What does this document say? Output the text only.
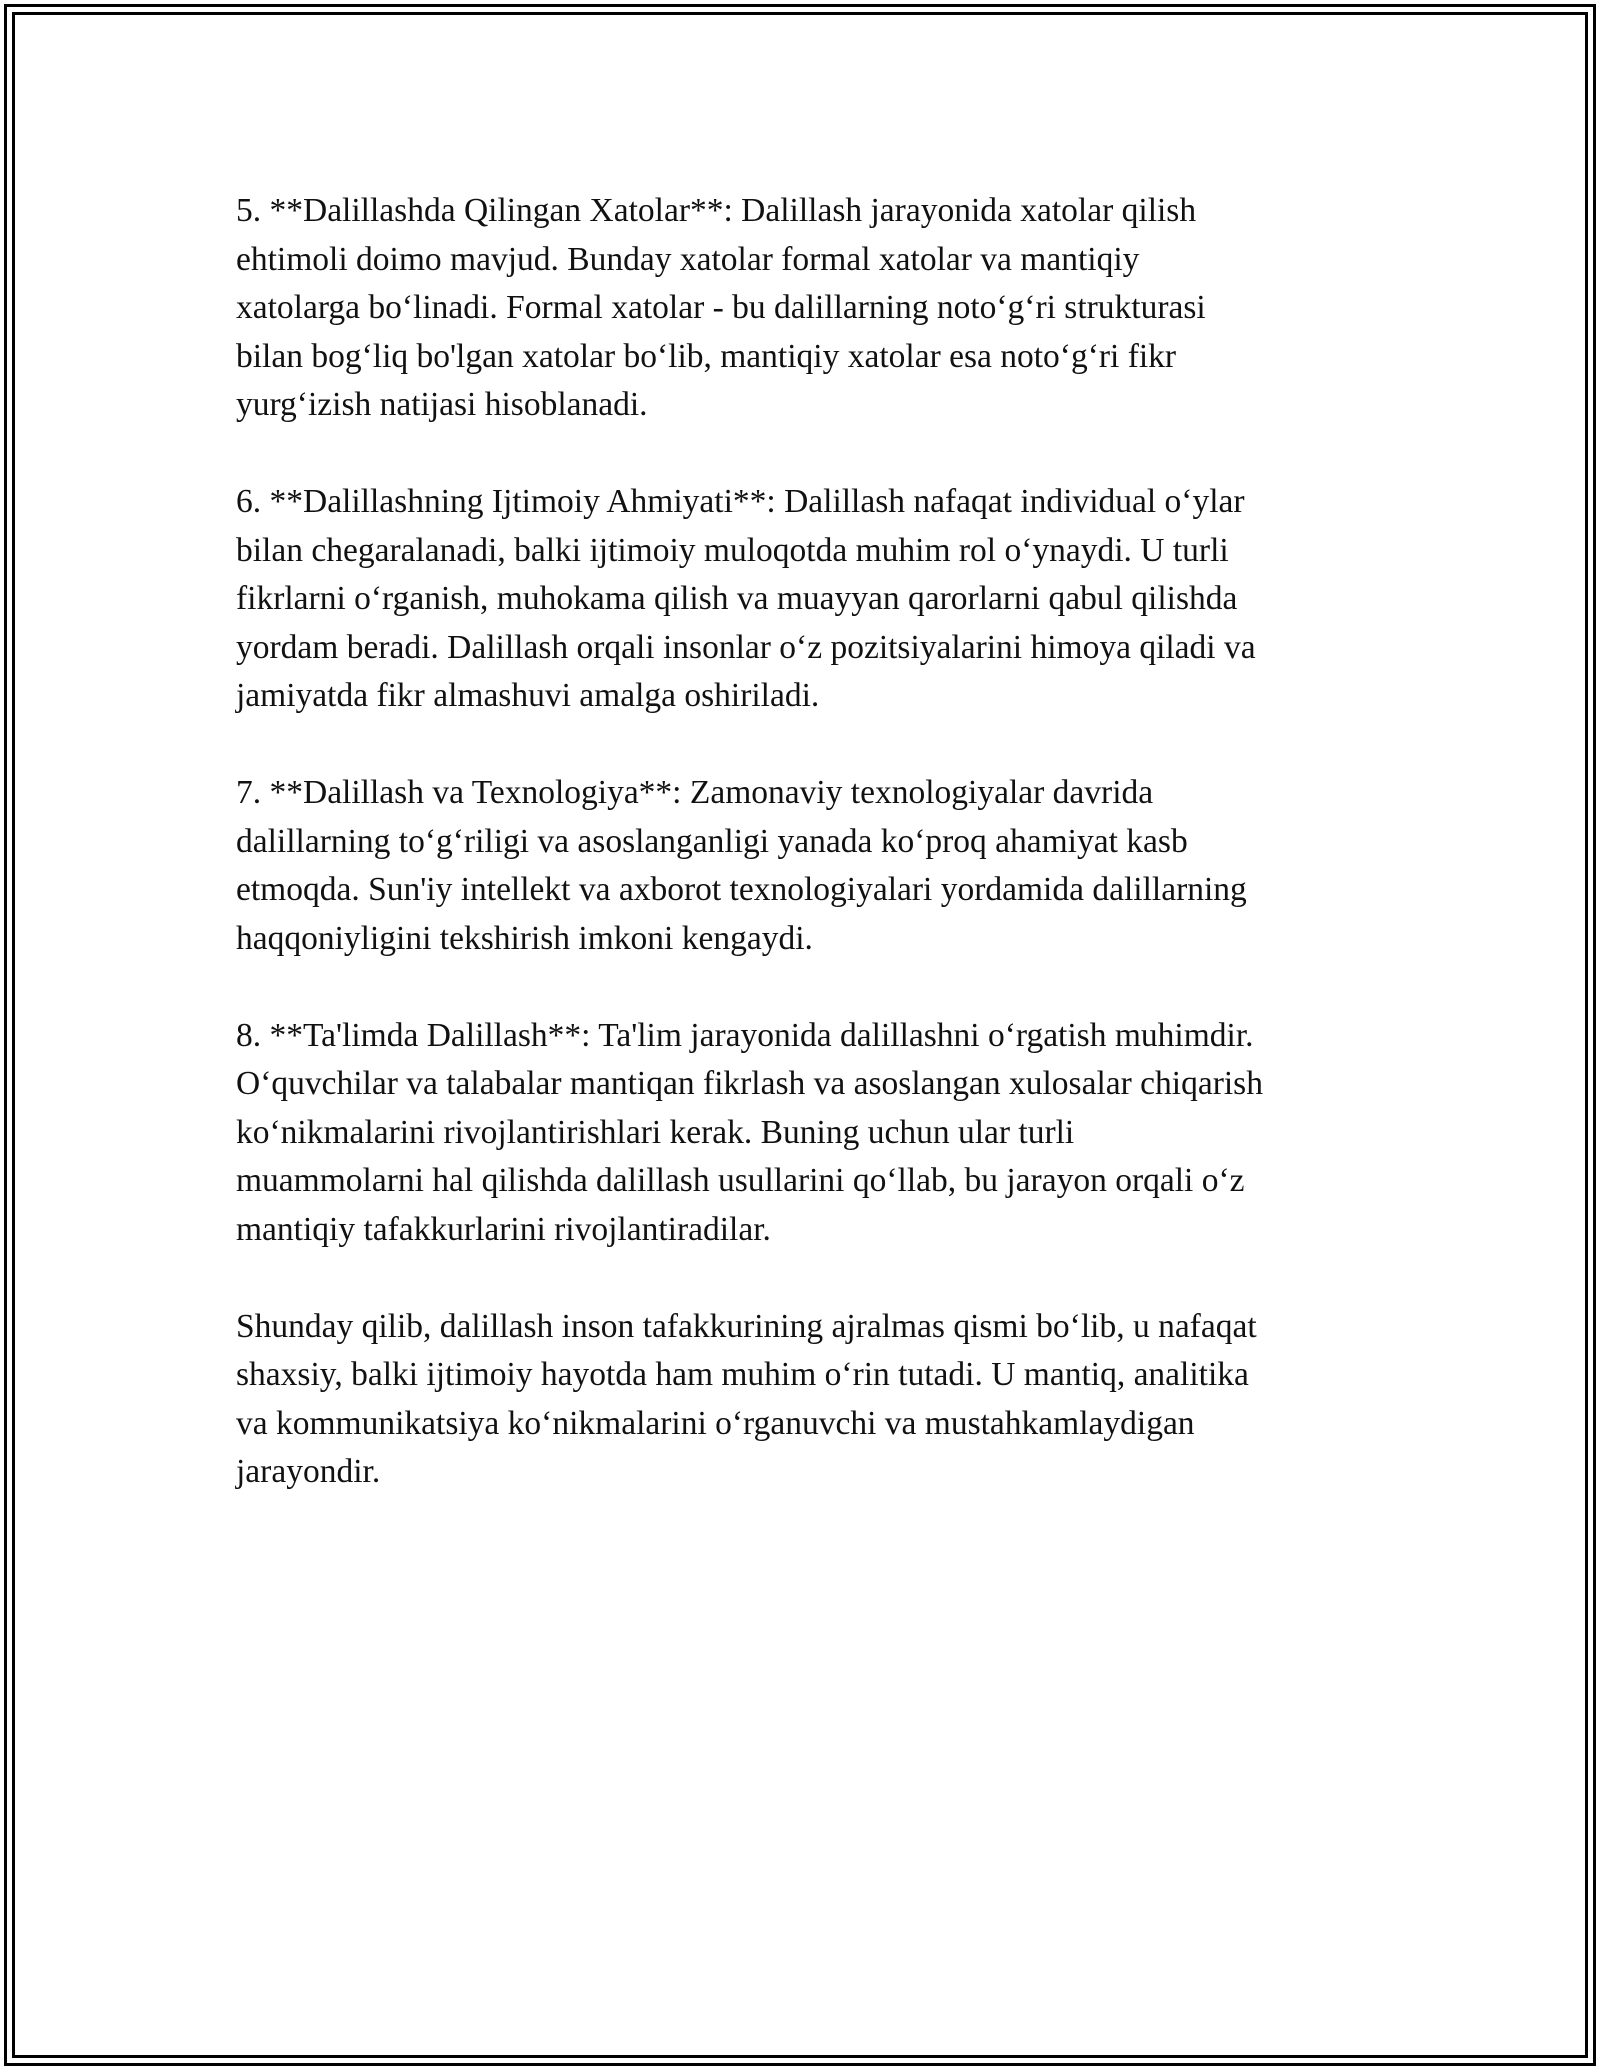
5. **Dalillashda Qilingan Xatolar**: Dalillash jarayonida xatolar qilish
ehtimoli doimo mavjud. Bunday xatolar formal xatolar va mantiqiy
xatolarga bo‘linadi. Formal xatolar - bu dalillarning noto‘g‘ri strukturasi
bilan bog‘liq bo'lgan xatolar bo‘lib, mantiqiy xatolar esa noto‘g‘ri fikr
yurg‘izish natijasi hisoblanadi.

6. **Dalillashning Ijtimoiy Ahmiyati**: Dalillash nafaqat individual o‘ylar
bilan chegaralanadi, balki ijtimoiy muloqotda muhim rol o‘ynaydi. U turli
fikrlarni o‘rganish, muhokama qilish va muayyan qarorlarni qabul qilishda
yordam beradi. Dalillash orqali insonlar o‘z pozitsiyalarini himoya qiladi va
jamiyatda fikr almashuvi amalga oshiriladi.

7. **Dalillash va Texnologiya**: Zamonaviy texnologiyalar davrida
dalillarning to‘g‘riligi va asoslanganligi yanada ko‘proq ahamiyat kasb
etmoqda. Sun'iy intellekt va axborot texnologiyalari yordamida dalillarning
haqqoniyligini tekshirish imkoni kengaydi.

8. **Ta'limda Dalillash**: Ta'lim jarayonida dalillashni o‘rgatish muhimdir.
O‘quvchilar va talabalar mantiqan fikrlash va asoslangan xulosalar chiqarish
ko‘nikmalarini rivojlantirishlari kerak. Buning uchun ular turli
muammolarni hal qilishda dalillash usullarini qo‘llab, bu jarayon orqali o‘z
mantiqiy tafakkurlarini rivojlantiradilar.

Shunday qilib, dalillash inson tafakkurining ajralmas qismi bo‘lib, u nafaqat
shaxsiy, balki ijtimoiy hayotda ham muhim o‘rin tutadi. U mantiq, analitika
va kommunikatsiya ko‘nikmalarini o‘rganuvchi va mustahkamlaydigan
jarayondir.
